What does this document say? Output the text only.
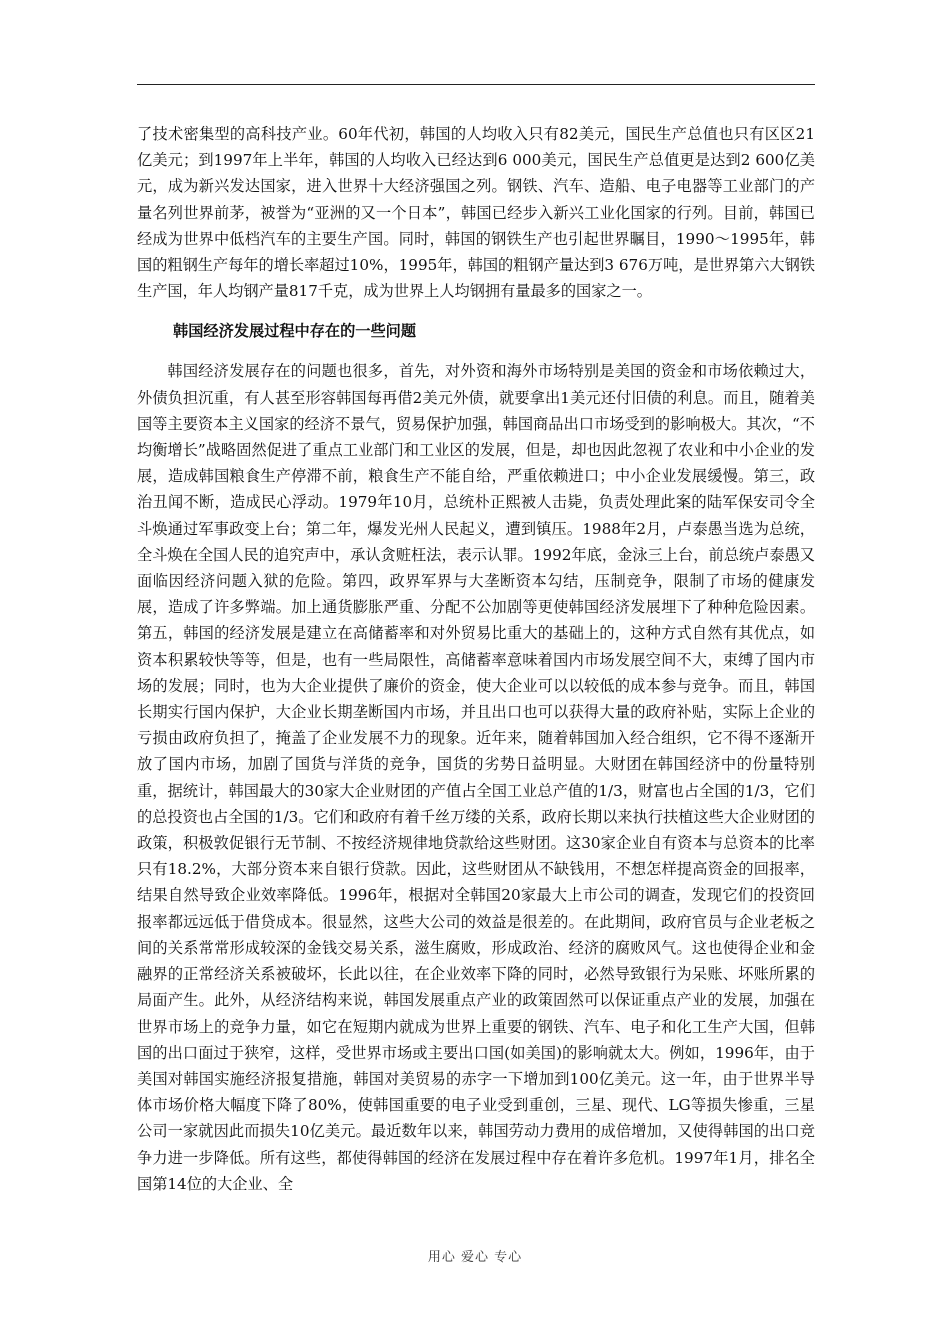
了技术密集型的高科技产业。60年代初，韩国的人均收入只有82美元，国民生产总值也只有区区21亿美元；到1997年上半年，韩国的人均收入已经达到6 000美元，国民生产总值更是达到2 600亿美元，成为新兴发达国家，进入世界十大经济强国之列。钢铁、汽车、造船、电子电器等工业部门的产量名列世界前茅，被誉为“亚洲的又一个日本”，韩国已经步入新兴工业化国家的行列。目前，韩国已经成为世界中低档汽车的主要生产国。同时，韩国的钢铁生产也引起世界瞩目，1990～1995年，韩国的粗钢生产每年的增长率超过10%，1995年，韩国的粗钢产量达到3 676万吨，是世界第六大钢铁生产国，年人均钢产量817千克，成为世界上人均钢拥有量最多的国家之一。

韩国经济发展过程中存在的一些问题

韩国经济发展存在的问题也很多，首先，对外资和海外市场特别是美国的资金和市场依赖过大，外债负担沉重，有人甚至形容韩国每再借2美元外债，就要拿出1美元还付旧债的利息。而且，随着美国等主要资本主义国家的经济不景气，贸易保护加强，韩国商品出口市场受到的影响极大。其次，“不均衡增长”战略固然促进了重点工业部门和工业区的发展，但是，却也因此忽视了农业和中小企业的发展，造成韩国粮食生产停滞不前，粮食生产不能自给，严重依赖进口；中小企业发展缓慢。第三，政治丑闻不断，造成民心浮动。1979年10月，总统朴正熙被人击毙，负责处理此案的陆军保安司令全斗焕通过军事政变上台；第二年，爆发光州人民起义，遭到镇压。1988年2月，卢泰愚当选为总统，全斗焕在全国人民的追究声中，承认贪赃枉法，表示认罪。1992年底，金泳三上台，前总统卢泰愚又面临因经济问题入狱的危险。第四，政界军界与大垄断资本勾结，压制竞争，限制了市场的健康发展，造成了许多弊端。加上通货膨胀严重、分配不公加剧等更使韩国经济发展埋下了种种危险因素。第五，韩国的经济发展是建立在高储蓄率和对外贸易比重大的基础上的，这种方式自然有其优点，如资本积累较快等等，但是，也有一些局限性，高储蓄率意味着国内市场发展空间不大，束缚了国内市场的发展；同时，也为大企业提供了廉价的资金，使大企业可以以较低的成本参与竞争。而且，韩国长期实行国内保护，大企业长期垄断国内市场，并且出口也可以获得大量的政府补贴，实际上企业的亏损由政府负担了，掩盖了企业发展不力的现象。近年来，随着韩国加入经合组织，它不得不逐渐开放了国内市场，加剧了国货与洋货的竞争，国货的劣势日益明显。大财团在韩国经济中的份量特别重，据统计，韩国最大的30家大企业财团的产值占全国工业总产值的1/3，财富也占全国的1/3，它们的总投资也占全国的1/3。它们和政府有着千丝万缕的关系，政府长期以来执行扶植这些大企业财团的政策，积极敦促银行无节制、不按经济规律地贷款给这些财团。这30家企业自有资本与总资本的比率只有18.2%，大部分资本来自银行贷款。因此，这些财团从不缺钱用，不想怎样提高资金的回报率，结果自然导致企业效率降低。1996年，根据对全韩国20家最大上市公司的调查，发现它们的投资回报率都远远低于借贷成本。很显然，这些大公司的效益是很差的。在此期间，政府官员与企业老板之间的关系常常形成较深的金钱交易关系，滋生腐败，形成政治、经济的腐败风气。这也使得企业和金融界的正常经济关系被破坏，长此以往，在企业效率下降的同时，必然导致银行为呆账、坏账所累的局面产生。此外，从经济结构来说，韩国发展重点产业的政策固然可以保证重点产业的发展，加强在世界市场上的竞争力量，如它在短期内就成为世界上重要的钢铁、汽车、电子和化工生产大国，但韩国的出口面过于狭窄，这样，受世界市场或主要出口国(如美国)的影响就太大。例如，1996年，由于美国对韩国实施经济报复措施，韩国对美贸易的赤字一下增加到100亿美元。这一年，由于世界半导体市场价格大幅度下降了80%，使韩国重要的电子业受到重创，三星、现代、LG等损失惨重，三星公司一家就因此而损失10亿美元。最近数年以来，韩国劳动力费用的成倍增加，又使得韩国的出口竞争力进一步降低。所有这些，都使得韩国的经济在发展过程中存在着许多危机。1997年1月，排名全国第14位的大企业、全

用心 爱心 专心
